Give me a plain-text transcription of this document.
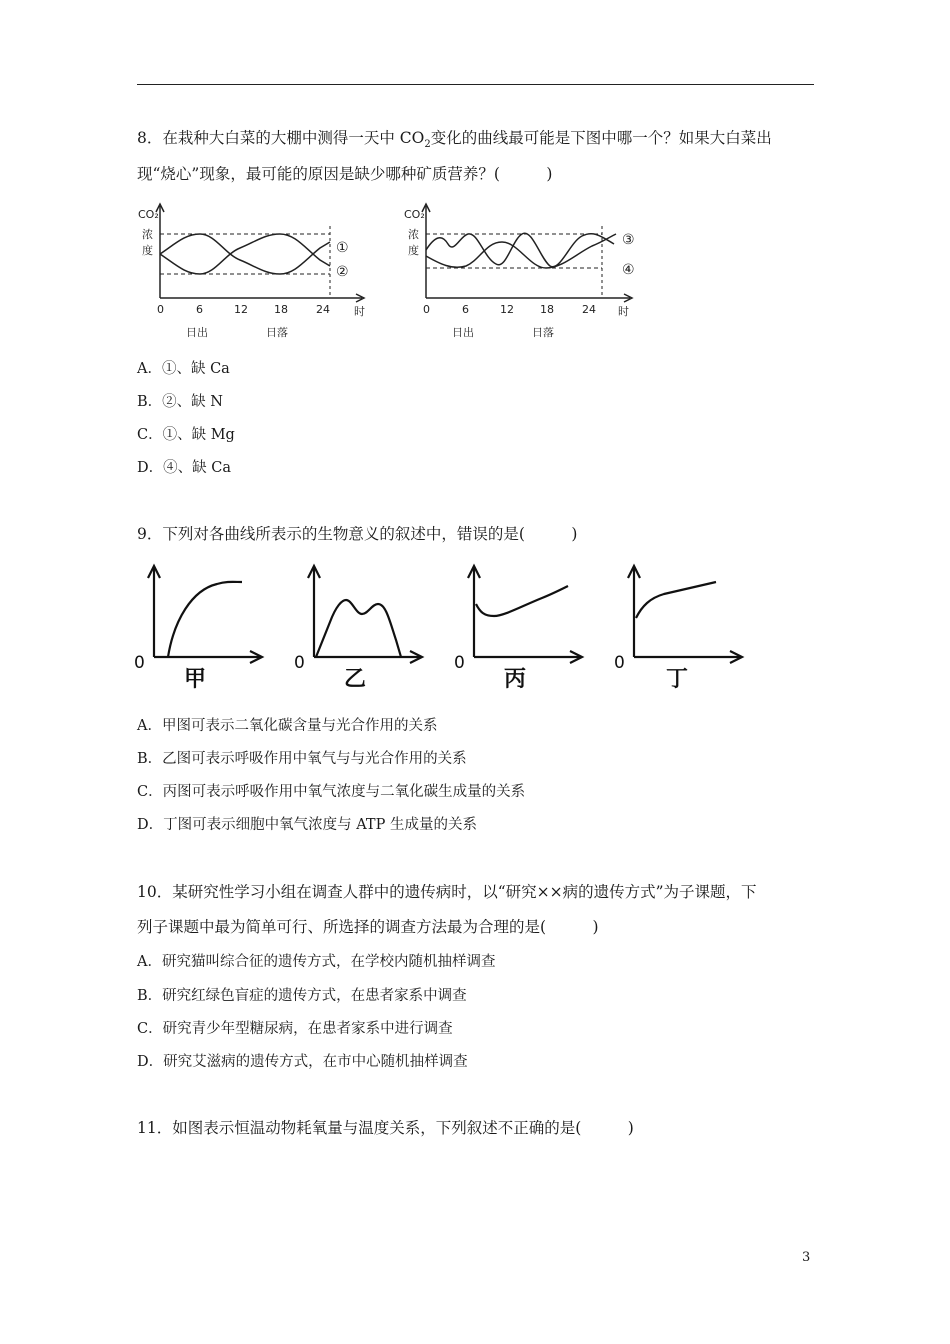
8．在栽种大白菜的大棚中测得一天中 $CO_2$变化的曲线最可能是下图中哪一个？如果大白菜出
现“烧心”现象，最可能的原因是缺少哪种矿质营养？(　　　)
CO₂
浓
度
0	6	12 18	24 时
日出	日落
①
②
CO₂
浓
度
0	6	12 18	24 时
日出	日落
③
④
A．①、缺 Ca
B．②、缺 N
C．①、缺 Mg
D．④、缺 Ca
9．下列对各曲线所表示的生物意义的叙述中，错误的是(　　　)
0	0	0	0
甲	乙	丙	丁
A．甲图可表示二氧化碳含量与光合作用的关系
B．乙图可表示呼吸作用中氧气与与光合作用的关系
C．丙图可表示呼吸作用中氧气浓度与二氧化碳生成量的关系
D．丁图可表示细胞中氧气浓度与 ATP 生成量的关系
10．某研究性学习小组在调查人群中的遗传病时，以“研究××病的遗传方式”为子课题，下
列子课题中最为简单可行、所选择的调查方法最为合理的是(　　　)
A．研究猫叫综合征的遗传方式，在学校内随机抽样调查
B．研究红绿色盲症的遗传方式，在患者家系中调查
C．研究青少年型糖尿病，在患者家系中进行调查
D．研究艾滋病的遗传方式，在市中心随机抽样调查
11．如图表示恒温动物耗氧量与温度关系，下列叙述不正确的是(　　　)
3
